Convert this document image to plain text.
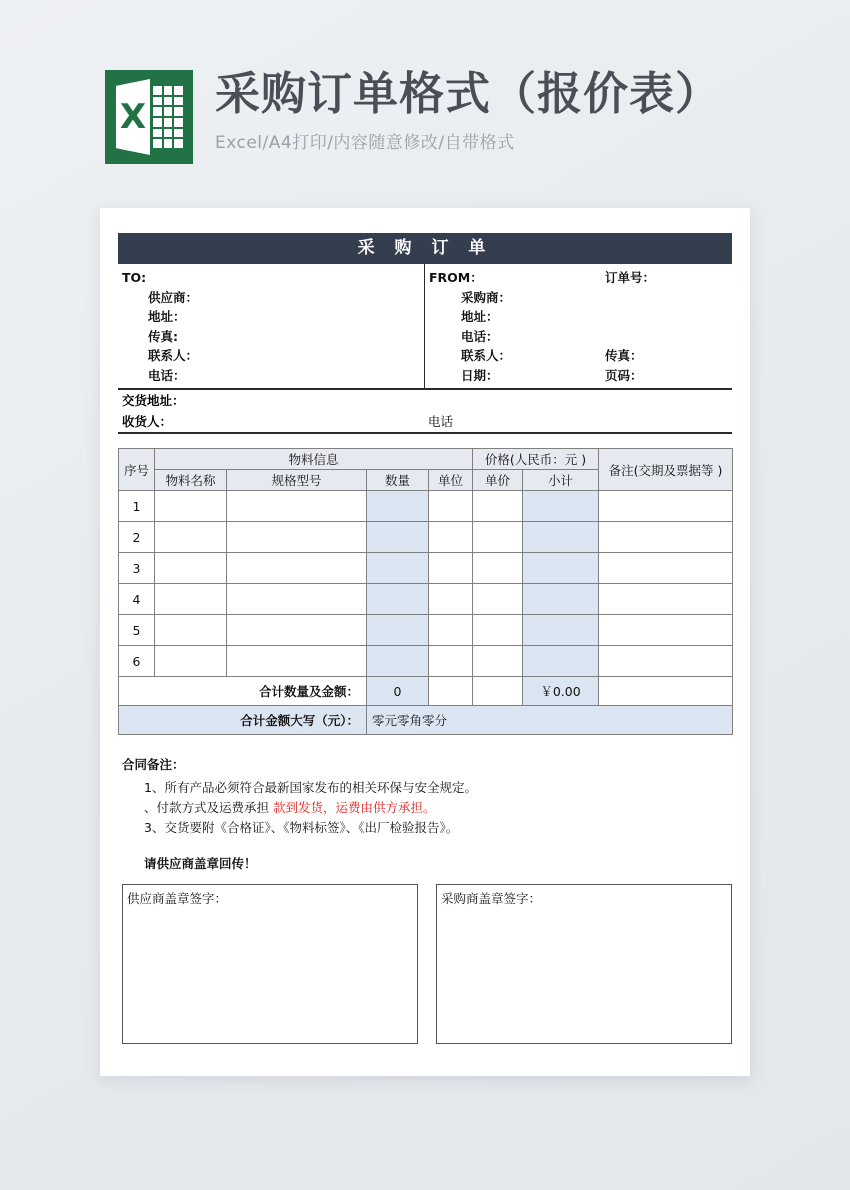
X 采购订单格式（报价表）
Excel/A4打印/内容随意修改/自带格式
采 购 订 单
TO:
供应商：
地址：
传真:
联系人：
电话：
FROM：	订单号：
采购商：
地址：
电话：
联系人：	传真：
日期：	页码：
交货地址：
收货人：	电话
序号	物料信息				价格(人民币：元 )		备注(交期及票据等 )
	物料名称	规格型号	数量	单位	单价	小计	
1							
2							
3							
4							
5							
6							
合计数量及金额：			0			￥0.00	
合计金额大写（元）：			零元零角零分				
合同备注：
1、所有产品必须符合最新国家发布的相关环保与安全规定。
、付款方式及运费承担 款到发货，运费由供方承担。
3、交货要附《合格证》、《物料标签》、《出厂检验报告》。
请供应商盖章回传！
供应商盖章签字：	采购商盖章签字：
